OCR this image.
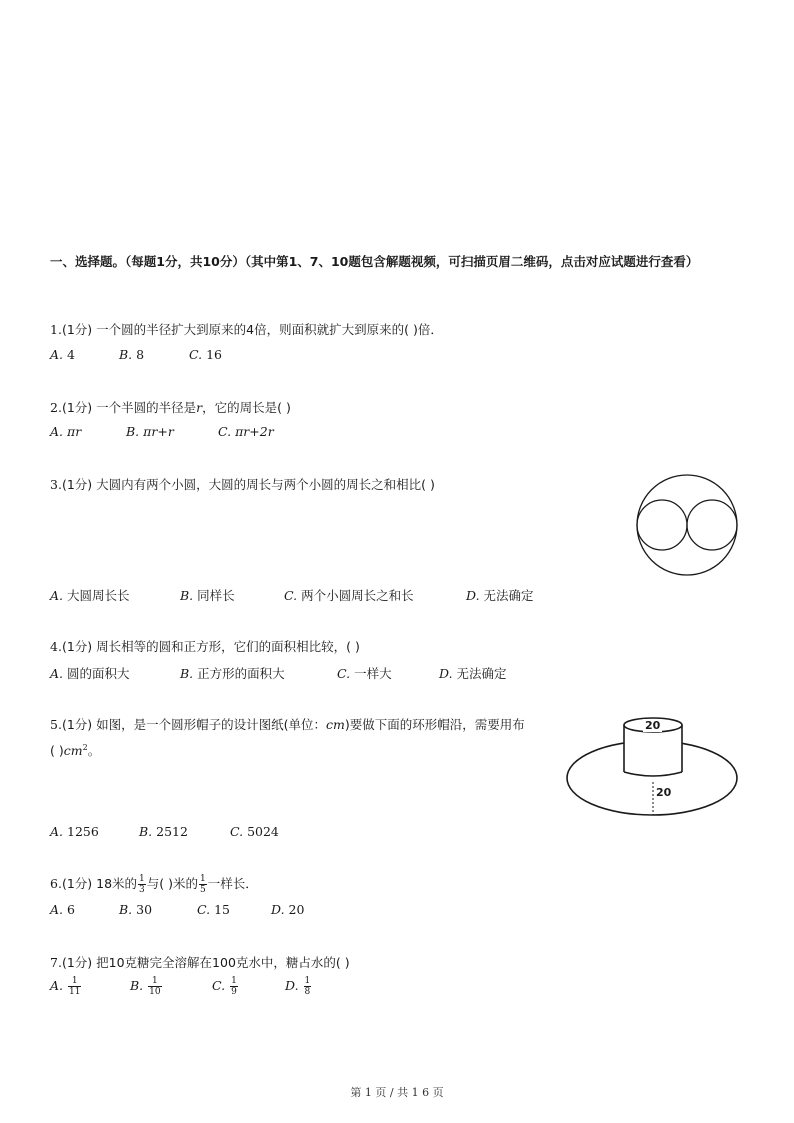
一、选择题。（每题1分，共10分）（其中第1、7、10题包含解题视频，可扫描页眉二维码，点击对应试题进行查看）
1.(1分) 一个圆的半径扩大到原来的4倍，则面积就扩大到原来的( )倍．
A. 4	B. 8	C. 16
2.(1分) 一个半圆的半径是r，它的周长是( )
A. πr	B. πr+r	C. πr+2r
3.(1分) 大圆内有两个小圆，大圆的周长与两个小圆的周长之和相比( )
A. 大圆周长长	B. 同样长	C. 两个小圆周长之和长	D. 无法确定
4.(1分) 周长相等的圆和正方形，它们的面积相比较，( )
A. 圆的面积大	B. 正方形的面积大	C. 一样大	D. 无法确定
5.(1分) 如图，是一个圆形帽子的设计图纸(单位：cm)要做下面的环形帽沿，需要用布
( )$cm^2$。
20
20
A. 1256	B. 2512	C. 5024
6.(1分) 18米的 $\frac{1}{3}$ 与( )米的 $\frac{1}{5}$ 一样长．
A. 6	B. 30	C. 15	D. 20
7.(1分) 把10克糖完全溶解在100克水中，糖占水的( )
A. $\frac{1}{11}$	B. $\frac{1}{10}$	C. $\frac{1}{9}$	D. $\frac{1}{8}$
第 1 页 / 共 1 6 页
